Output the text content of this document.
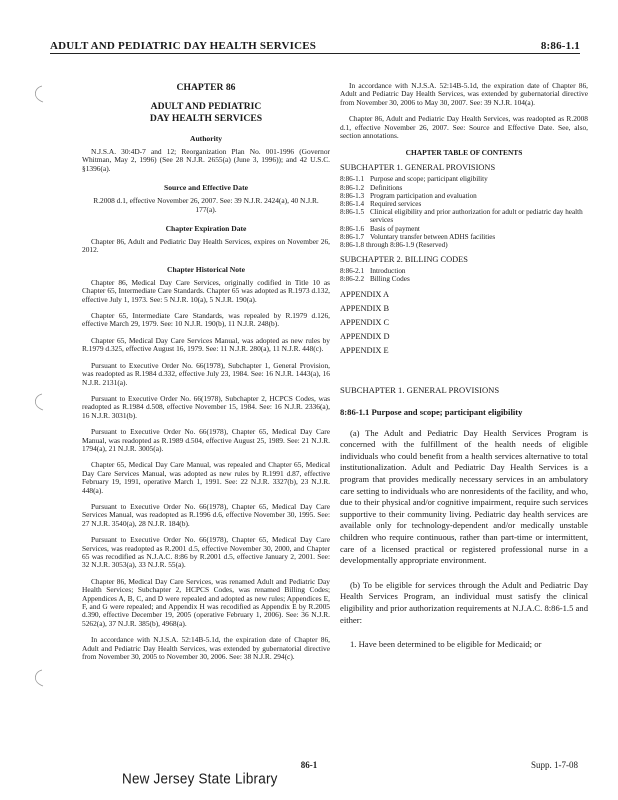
ADULT AND PEDIATRIC DAY HEALTH SERVICES	8:86-1.1
CHAPTER 86
ADULT AND PEDIATRIC
DAY HEALTH SERVICES
Authority

N.J.S.A. 30:4D-7 and 12; Reorganization Plan No. 001-1996 (Governor Whitman, May 2, 1996) (See 28 N.J.R. 2655(a) (June 3, 1996)); and 42 U.S.C. §1396(a).

Source and Effective Date

R.2008 d.1, effective November 26, 2007. See: 39 N.J.R. 2424(a), 40 N.J.R. 177(a).

Chapter Expiration Date

Chapter 86, Adult and Pediatric Day Health Services, expires on November 26, 2012.

Chapter Historical Note

Chapter 86, Medical Day Care Services, originally codified in Title 10 as Chapter 65, Intermediate Care Standards. Chapter 65 was adopted as R.1973 d.132, effective July 1, 1973. See: 5 N.J.R. 10(a), 5 N.J.R. 190(a).

Chapter 65, Intermediate Care Standards, was repealed by R.1979 d.126, effective March 29, 1979. See: 10 N.J.R. 190(b), 11 N.J.R. 248(b).

Chapter 65, Medical Day Care Services Manual, was adopted as new rules by R.1979 d.325, effective August 16, 1979. See: 11 N.J.R. 280(a), 11 N.J.R. 448(c).

Pursuant to Executive Order No. 66(1978), Subchapter 1, General Provision, was readopted as R.1984 d.332, effective July 23, 1984. See: 16 N.J.R. 1443(a), 16 N.J.R. 2131(a).

Pursuant to Executive Order No. 66(1978), Subchapter 2, HCPCS Codes, was readopted as R.1984 d.508, effective November 15, 1984. See: 16 N.J.R. 2336(a), 16 N.J.R. 3031(b).

Pursuant to Executive Order No. 66(1978), Chapter 65, Medical Day Care Manual, was readopted as R.1989 d.504, effective August 25, 1989. See: 21 N.J.R. 1794(a), 21 N.J.R. 3005(a).

Chapter 65, Medical Day Care Manual, was repealed and Chapter 65, Medical Day Care Services Manual, was adopted as new rules by R.1991 d.87, effective February 19, 1991, operative March 1, 1991. See: 22 N.J.R. 3327(b), 23 N.J.R. 448(a).

Pursuant to Executive Order No. 66(1978), Chapter 65, Medical Day Care Services Manual, was readopted as R.1996 d.6, effective November 30, 1995. See: 27 N.J.R. 3540(a), 28 N.J.R. 184(b).

Pursuant to Executive Order No. 66(1978), Chapter 65, Medical Day Care Services, was readopted as R.2001 d.5, effective November 30, 2000, and Chapter 65 was recodified as N.J.A.C. 8:86 by R.2001 d.5, effective January 2, 2001. See: 32 N.J.R. 3053(a), 33 N.J.R. 55(a).

Chapter 86, Medical Day Care Services, was renamed Adult and Pediatric Day Health Services; Subchapter 2, HCPCS Codes, was renamed Billing Codes; Appendices A, B, C, and D were repealed and adopted as new rules; Appendices E, F, and G were repealed; and Appendix H was recodified as Appendix E by R.2005 d.390, effective December 19, 2005 (operative February 1, 2006). See: 36 N.J.R. 5262(a), 37 N.J.R. 385(b), 4968(a).

In accordance with N.J.S.A. 52:14B-5.1d, the expiration date of Chapter 86, Adult and Pediatric Day Health Services, was extended by gubernatorial directive from November 30, 2005 to November 30, 2006. See: 38 N.J.R. 294(c).

In accordance with N.J.S.A. 52:14B-5.1d, the expiration date of Chapter 86, Adult and Pediatric Day Health Services, was extended by gubernatorial directive from November 30, 2006 to May 30, 2007. See: 39 N.J.R. 104(a).

Chapter 86, Adult and Pediatric Day Health Services, was readopted as R.2008 d.1, effective November 26, 2007. See: Source and Effective Date. See, also, section annotations.

CHAPTER TABLE OF CONTENTS
SUBCHAPTER 1. GENERAL PROVISIONS
8:86-1.1 Purpose and scope; participant eligibility
8:86-1.2 Definitions
8:86-1.3 Program participation and evaluation
8:86-1.4 Required services
8:86-1.5 Clinical eligibility and prior authorization for adult or pediatric day health services
8:86-1.6 Basis of payment
8:86-1.7 Voluntary transfer between ADHS facilities
8:86-1.8 through 8:86-1.9 (Reserved)
SUBCHAPTER 2. BILLING CODES
8:86-2.1 Introduction
8:86-2.2 Billing Codes
APPENDIX A
APPENDIX B
APPENDIX C
APPENDIX D
APPENDIX E
SUBCHAPTER 1. GENERAL PROVISIONS
8:86-1.1 Purpose and scope; participant eligibility

(a) The Adult and Pediatric Day Health Services Program is concerned with the fulfillment of the health needs of eligible individuals who could benefit from a health services alternative to total institutionalization. Adult and Pediatric Day Health Services is a program that provides medically necessary services in an ambulatory care setting to individuals who are nonresidents of the facility, and who, due to their physical and/or cognitive impairment, require such services supportive to their community living. Pediatric day health services are available only for technology-dependent and/or medically unstable children who require continuous, rather than part-time or intermittent, care of a licensed practical or registered professional nurse in a developmentally appropriate environment.

(b) To be eligible for services through the Adult and Pediatric Day Health Services Program, an individual must satisfy the clinical eligibility and prior authorization requirements at N.J.A.C. 8:86-1.5 and either:

1. Have been determined to be eligible for Medicaid; or
86-1	Supp. 1-7-08
New Jersey State Library
